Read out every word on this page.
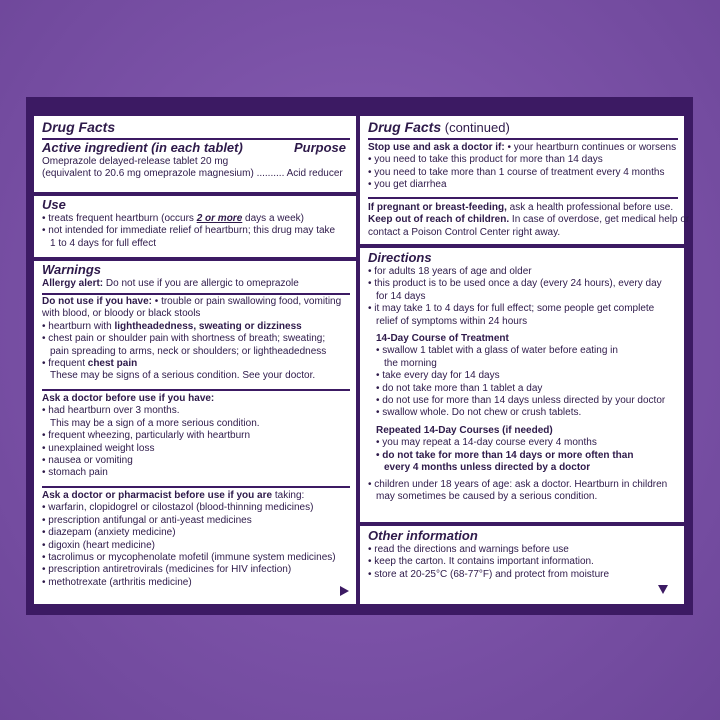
Drug Facts
Active ingredient (in each tablet)	Purpose
Omeprazole delayed-release tablet 20 mg
(equivalent to 20.6 mg omeprazole magnesium) .......... Acid reducer
Use
• treats frequent heartburn (occurs 2 or more days a week)
• not intended for immediate relief of heartburn; this drug may take
1 to 4 days for full effect
Warnings
Allergy alert: Do not use if you are allergic to omeprazole
Do not use if you have: • trouble or pain swallowing food, vomiting
with blood, or bloody or black stools
• heartburn with lightheadedness, sweating or dizziness
• chest pain or shoulder pain with shortness of breath; sweating;
pain spreading to arms, neck or shoulders; or lightheadedness
• frequent chest pain
These may be signs of a serious condition. See your doctor.
Ask a doctor before use if you have:
• had heartburn over 3 months.
This may be a sign of a more serious condition.
• frequent wheezing, particularly with heartburn
• unexplained weight loss
• nausea or vomiting
• stomach pain
Ask a doctor or pharmacist before use if you are taking:
• warfarin, clopidogrel or cilostazol (blood-thinning medicines)
• prescription antifungal or anti-yeast medicines
• diazepam (anxiety medicine)
• digoxin (heart medicine)
• tacrolimus or mycophenolate mofetil (immune system medicines)
• prescription antiretrovirals (medicines for HIV infection)
• methotrexate (arthritis medicine)
Drug Facts (continued)
Stop use and ask a doctor if: • your heartburn continues or worsens
• you need to take this product for more than 14 days
• you need to take more than 1 course of treatment every 4 months
• you get diarrhea
If pregnant or breast-feeding, ask a health professional before use.
Keep out of reach of children. In case of overdose, get medical help or
contact a Poison Control Center right away.
Directions
• for adults 18 years of age and older
• this product is to be used once a day (every 24 hours), every day
for 14 days
• it may take 1 to 4 days for full effect; some people get complete
relief of symptoms within 24 hours
14-Day Course of Treatment
• swallow 1 tablet with a glass of water before eating in
the morning
• take every day for 14 days
• do not take more than 1 tablet a day
• do not use for more than 14 days unless directed by your doctor
• swallow whole. Do not chew or crush tablets.
Repeated 14-Day Courses (if needed)
• you may repeat a 14-day course every 4 months
• do not take for more than 14 days or more often than
every 4 months unless directed by a doctor
• children under 18 years of age: ask a doctor. Heartburn in children
may sometimes be caused by a serious condition.
Other information
• read the directions and warnings before use
• keep the carton. It contains important information.
• store at 20-25°C (68-77°F) and protect from moisture
